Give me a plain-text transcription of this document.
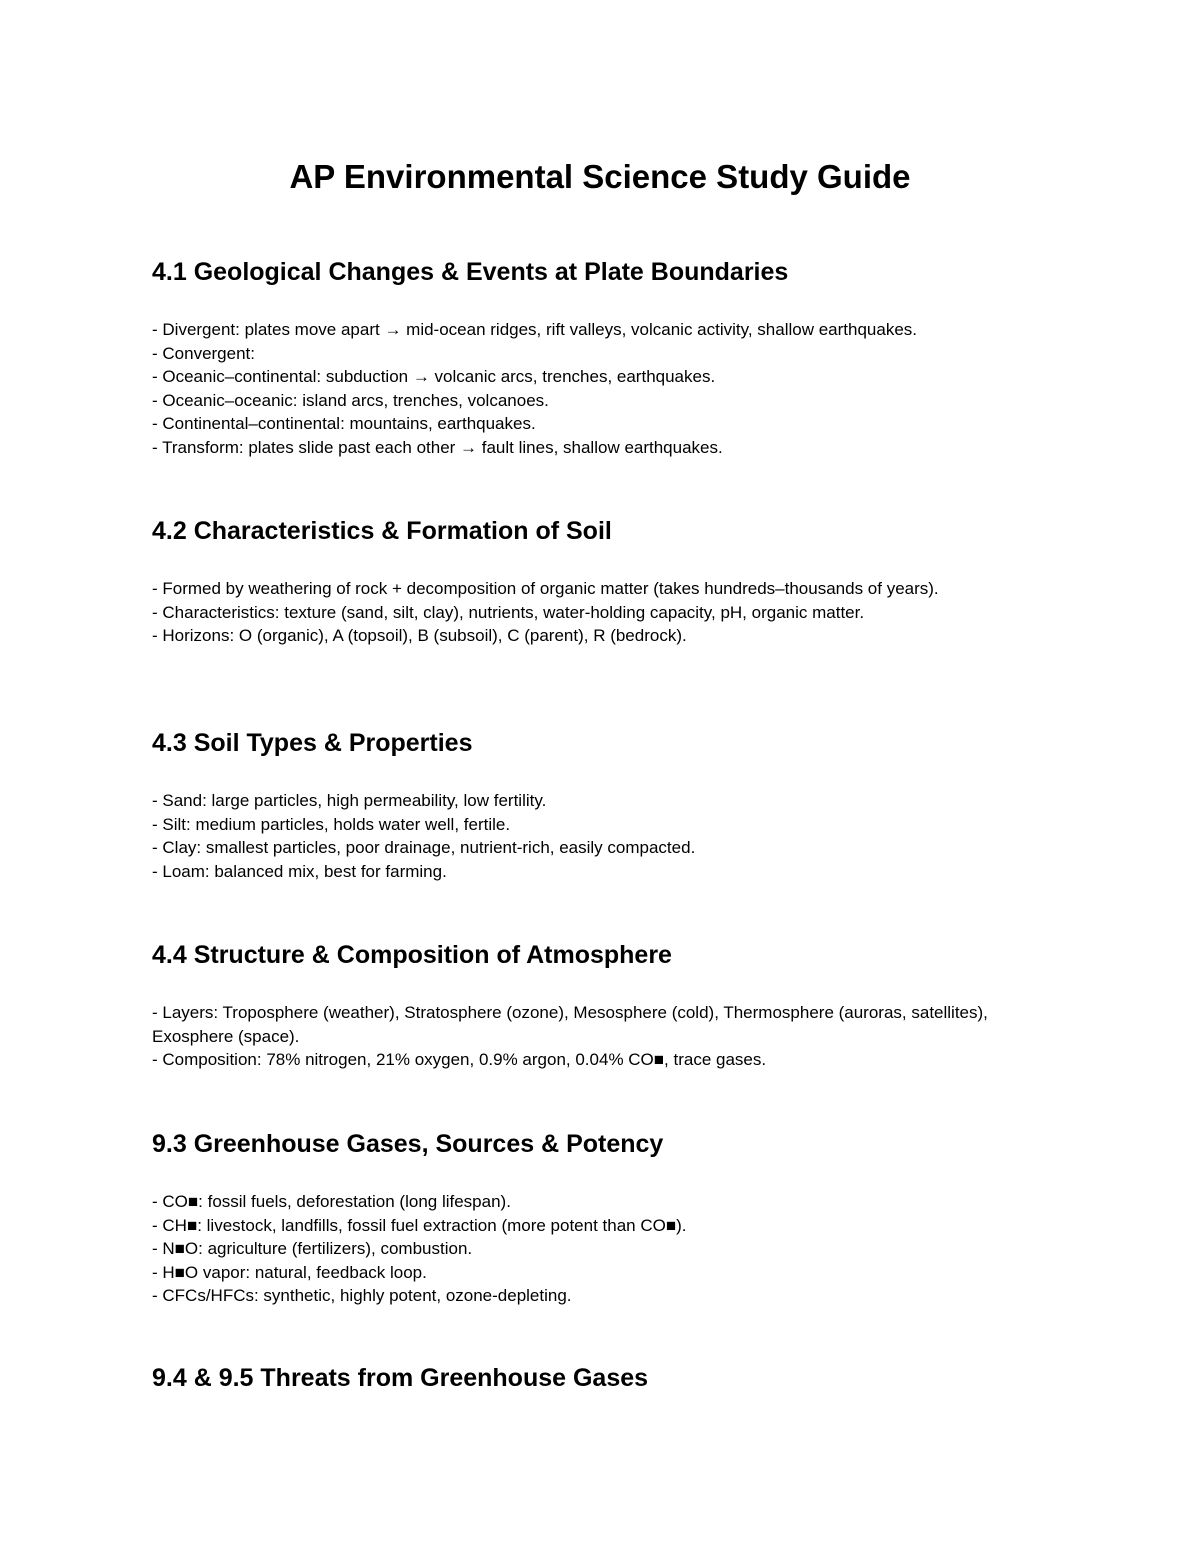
AP Environmental Science Study Guide
4.1 Geological Changes & Events at Plate Boundaries
- Divergent: plates move apart → mid-ocean ridges, rift valleys, volcanic activity, shallow earthquakes.
- Convergent:
- Oceanic–continental: subduction → volcanic arcs, trenches, earthquakes.
- Oceanic–oceanic: island arcs, trenches, volcanoes.
- Continental–continental: mountains, earthquakes.
- Transform: plates slide past each other → fault lines, shallow earthquakes.
4.2 Characteristics & Formation of Soil
- Formed by weathering of rock + decomposition of organic matter (takes hundreds–thousands of years).
- Characteristics: texture (sand, silt, clay), nutrients, water-holding capacity, pH, organic matter.
- Horizons: O (organic), A (topsoil), B (subsoil), C (parent), R (bedrock).
4.3 Soil Types & Properties
- Sand: large particles, high permeability, low fertility.
- Silt: medium particles, holds water well, fertile.
- Clay: smallest particles, poor drainage, nutrient-rich, easily compacted.
- Loam: balanced mix, best for farming.
4.4 Structure & Composition of Atmosphere
- Layers: Troposphere (weather), Stratosphere (ozone), Mesosphere (cold), Thermosphere (auroras, satellites), Exosphere (space).
- Composition: 78% nitrogen, 21% oxygen, 0.9% argon, 0.04% CO■, trace gases.
9.3 Greenhouse Gases, Sources & Potency
- CO■: fossil fuels, deforestation (long lifespan).
- CH■: livestock, landfills, fossil fuel extraction (more potent than CO■).
- N■O: agriculture (fertilizers), combustion.
- H■O vapor: natural, feedback loop.
- CFCs/HFCs: synthetic, highly potent, ozone-depleting.
9.4 & 9.5 Threats from Greenhouse Gases
